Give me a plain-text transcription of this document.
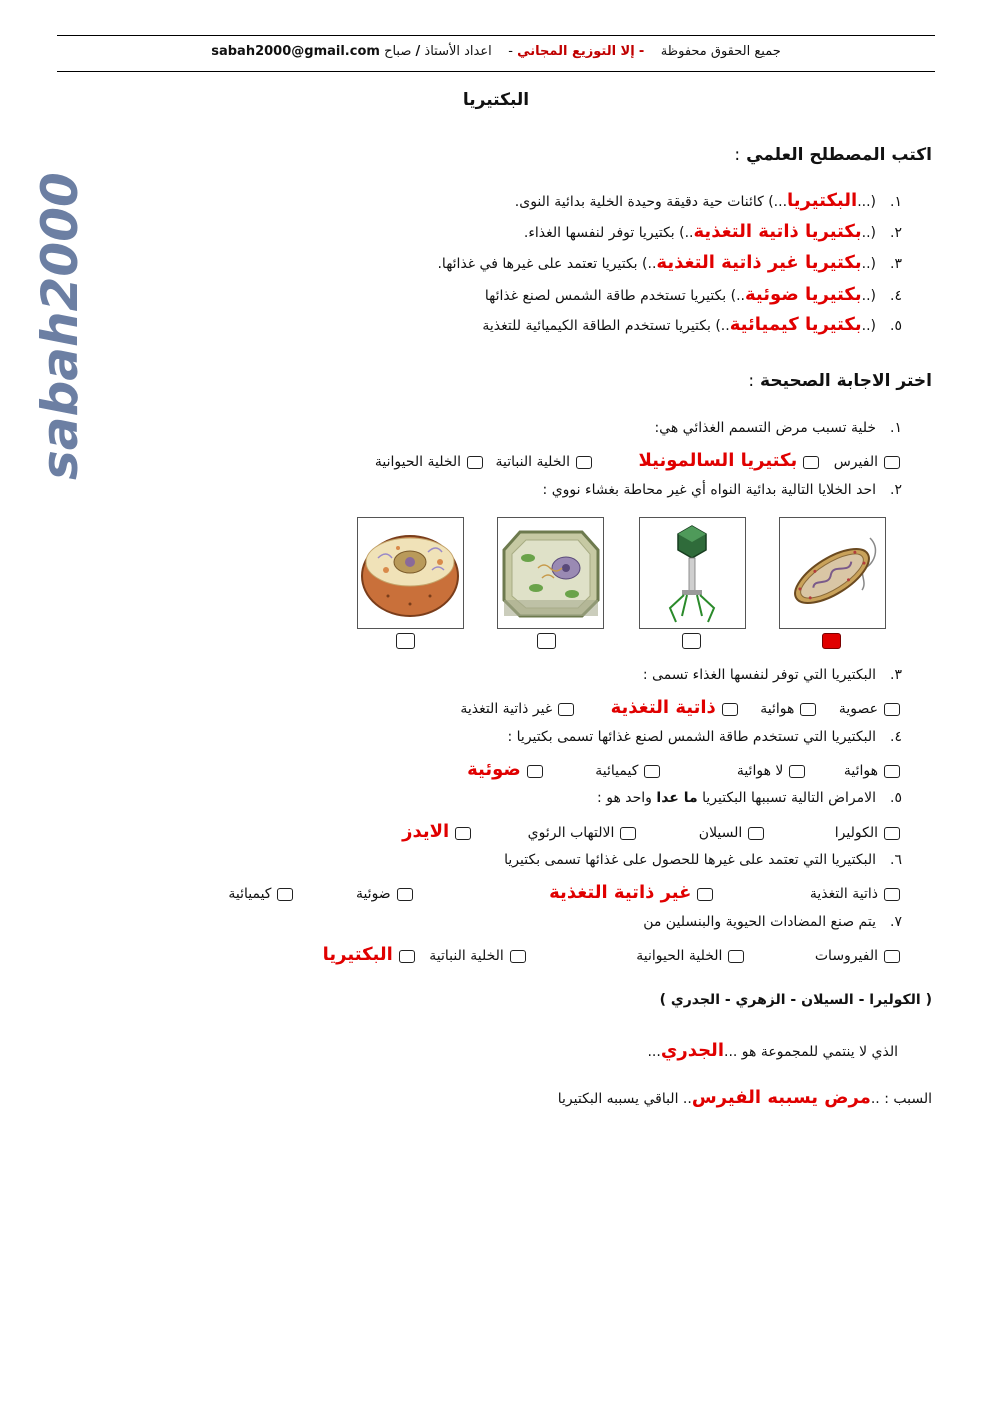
جميع الحقوق محفوظة    - إلا التوزيع المجاني -    اعداد الأستاذ / صباح sabah2000@gmail.com
sabah2000
البكتيريا
اكتب المصطلح العلمي :
١.(...البكتيريا...) كائنات حية دقيقة وحيدة الخلية بدائية النوى.
٢.(..بكتيريا ذاتية التغذية..) بكتيريا توفر لنفسها الغذاء.
٣.(..بكتيريا غير ذاتية التغذية..) بكتيريا تعتمد على غيرها في غذائها.
٤.(..بكتيريا ضوئية..) بكتيريا تستخدم طاقة الشمس لصنع غذائها
٥.(..بكتيريا كيميائية..) بكتيريا تستخدم الطاقة الكيميائية للتغذية
اختر الاجابة الصحيحة :
١.خلية تسبب مرض التسمم الغذائي هي:
الفيرس بكتيريا السالمونيلا الخلية النباتية الخلية الحيوانية
٢.احد الخلايا التالية بدائية النواه أي غير محاطة بغشاء نووي :
٣.البكتيريا التي توفر لنفسها الغذاء تسمى :
عصوية هوائية ذاتية التغذية غير ذاتية التغذية
٤.البكتيريا التي تستخدم طاقة الشمس لصنع غذائها تسمى بكتيريا :
هوائية لا هوائية كيميائية ضوئية
٥.الامراض التالية تسببها البكتيريا ما عدا واحد هو :
الكوليرا السيلان الالتهاب الرئوي الايدز
٦.البكتيريا التي تعتمد على غيرها للحصول على غذائها تسمى بكتيريا
ذاتية التغذية غير ذاتية التغذية ضوئية كيميائية
٧.يتم صنع المضادات الحيوية والبنسلين من
الفيروسات الخلية الحيوانية الخلية النباتية البكتيريا
( الكوليرا - السيلان - الزهري - الجدري )
الذي لا ينتمي للمجموعة هو ...الجدري...
السبب : ..مرض يسببه الفيرس.. الباقي يسببه البكتيريا
